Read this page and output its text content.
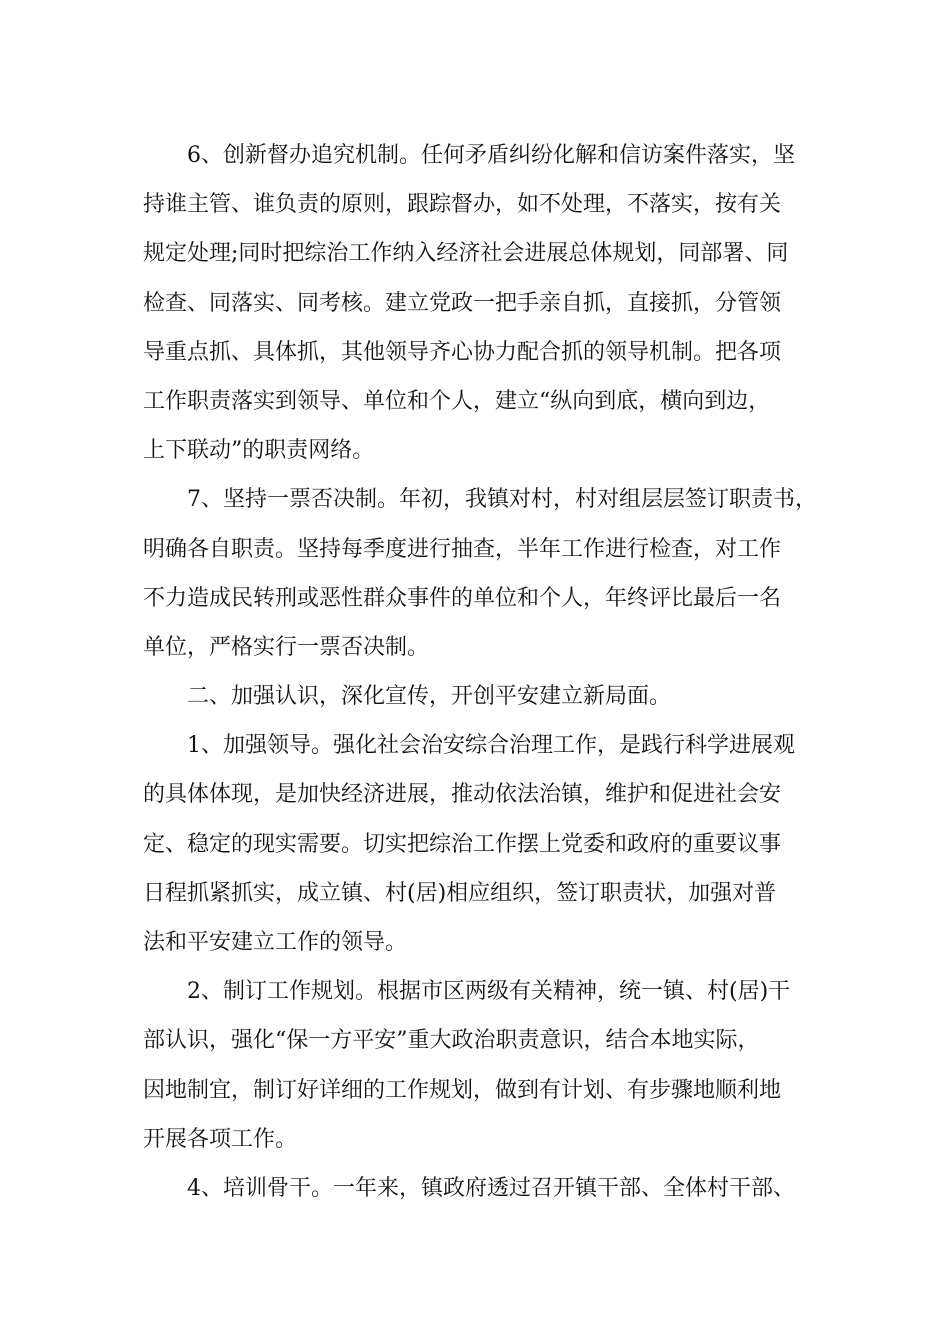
6、创新督办追究机制。任何矛盾纠纷化解和信访案件落实，坚
持谁主管、谁负责的原则，跟踪督办，如不处理，不落实，按有关
规定处理;同时把综治工作纳入经济社会进展总体规划，同部署、同
检查、同落实、同考核。建立党政一把手亲自抓，直接抓，分管领
导重点抓、具体抓，其他领导齐心协力配合抓的领导机制。把各项
工作职责落实到领导、单位和个人，建立“纵向到底，横向到边，
上下联动”的职责网络。
7、坚持一票否决制。年初，我镇对村，村对组层层签订职责书，
明确各自职责。坚持每季度进行抽查，半年工作进行检查，对工作
不力造成民转刑或恶性群众事件的单位和个人，年终评比最后一名
单位，严格实行一票否决制。
二、加强认识，深化宣传，开创平安建立新局面。
1、加强领导。强化社会治安综合治理工作，是践行科学进展观
的具体体现，是加快经济进展，推动依法治镇，维护和促进社会安
定、稳定的现实需要。切实把综治工作摆上党委和政府的重要议事
日程抓紧抓实，成立镇、村(居)相应组织，签订职责状，加强对普
法和平安建立工作的领导。
2、制订工作规划。根据市区两级有关精神，统一镇、村(居)干
部认识，强化“保一方平安”重大政治职责意识，结合本地实际，
因地制宜，制订好详细的工作规划，做到有计划、有步骤地顺利地
开展各项工作。
4、培训骨干。一年来，镇政府透过召开镇干部、全体村干部、
